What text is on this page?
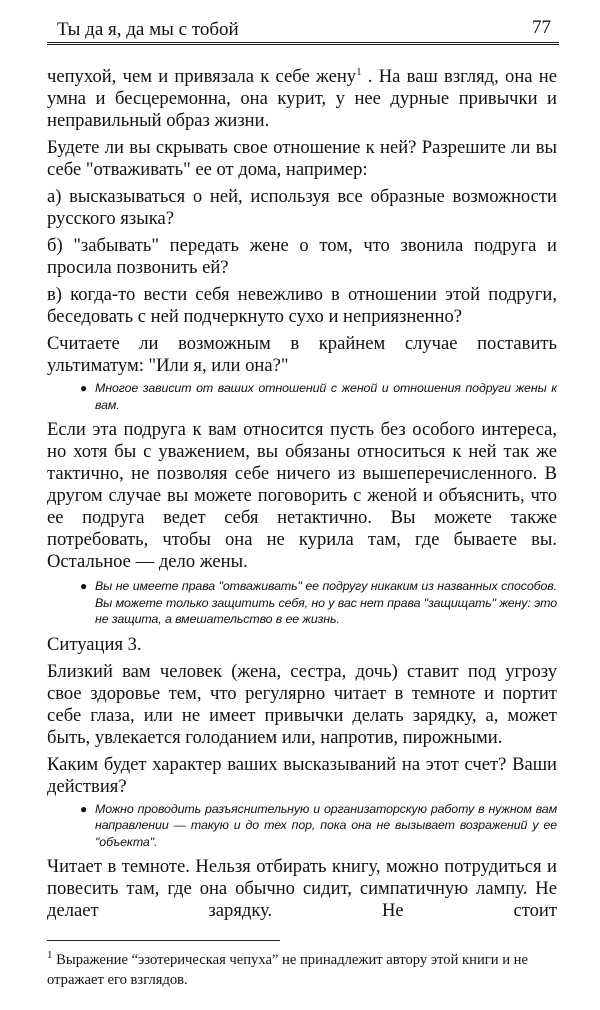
Ты да я, да мы с тобой	77

чепухой, чем и привязала к себе жену$^1$ . На ваш взгляд, она не умна и бесцеремонна, она курит, у нее дурные привычки и неправильный образ жизни.

Будете ли вы скрывать свое отношение к ней? Разрешите ли вы себе "отваживать" ее от дома, например:

а) высказываться о ней, используя все образные возможности русского языка?

б) "забывать" передать жене о том, что звонила подруга и просила позвонить ей?

в) когда-то вести себя невежливо в отношении этой подруги, беседовать с ней подчеркнуто сухо и неприязненно?

Считаете ли возможным в крайнем случае поставить ультиматум: "Или я, или она?"

● Многое зависит от ваших отношений с женой и отношения подруги жены к вам.

Если эта подруга к вам относится пусть без особого интереса, но хотя бы с уважением, вы обязаны относиться к ней так же тактично, не позволяя себе ничего из вышеперечисленного. В другом случае вы можете поговорить с женой и объяснить, что ее подруга ведет себя нетактично. Вы можете также потребовать, чтобы она не курила там, где бываете вы. Остальное — дело жены.

● Вы не имеете права "отваживать" ее подругу никаким из названных способов. Вы можете только защитить себя, но у вас нет права "защищать" жену: это не защита, а вмешательство в ее жизнь.

Ситуация 3.

Близкий вам человек (жена, сестра, дочь) ставит под угрозу свое здоровье тем, что регулярно читает в темноте и портит себе глаза, или не имеет привычки делать зарядку, а, может быть, увлекается голоданием или, напротив, пирожными.

Каким будет характер ваших высказываний на этот счет? Ваши действия?

● Можно проводить разъяснительную и организаторскую работу в нужном вам направлении — такую и до тех пор, пока она не вызывает возражений у ее "объекта".

Читает в темноте. Нельзя отбирать книгу, можно потрудиться и повесить там, где она обычно сидит, симпатичную лампу. Не делает зарядку. Не стоит

$^1$ Выражение “эзотерическая чепуха” не принадлежит автору этой книги и не отражает его взглядов.
